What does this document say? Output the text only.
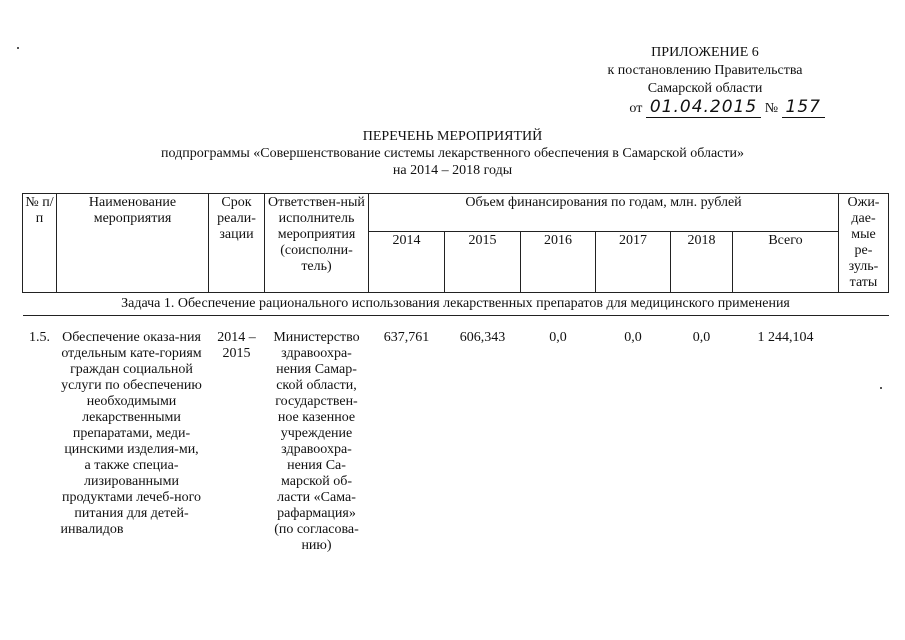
ПРИЛОЖЕНИЕ 6
к постановлению Правительства
Самарской области
от 01.04.2015 № 157
ПЕРЕЧЕНЬ МЕРОПРИЯТИЙ
подпрограммы «Совершенствование системы лекарственного обеспечения в Самарской области»
на 2014 – 2018 годы
№ п/п	Наименование мероприятия	Срок реали-зации	Ответствен-ный исполнитель мероприятия (соисполни-тель)	Объем финансирования по годам, млн. рублей						Ожи-дае-мые ре-зуль-таты
				2014	2015	2016	2017	2018	Всего	
Задача 1. Обеспечение рационального использования лекарственных препаратов для медицинского применения										
1.5.	Обеспечение оказа-ния отдельным кате-гориям граждан социальной услуги по обеспечению необходимыми лекарственными препаратами, меди-цинскими изделия-ми, а также специа-лизированными продуктами лечеб-ного питания для детей-инвалидов	2014 – 2015	Министерство здравоохра-нения Самар-ской области, государствен-ное казенное учреждение здравоохра-нения Са-марской об-ласти «Сама-рафармация» (по согласова-нию)	637,761	606,343	0,0	0,0	0,0	1 244,104	
